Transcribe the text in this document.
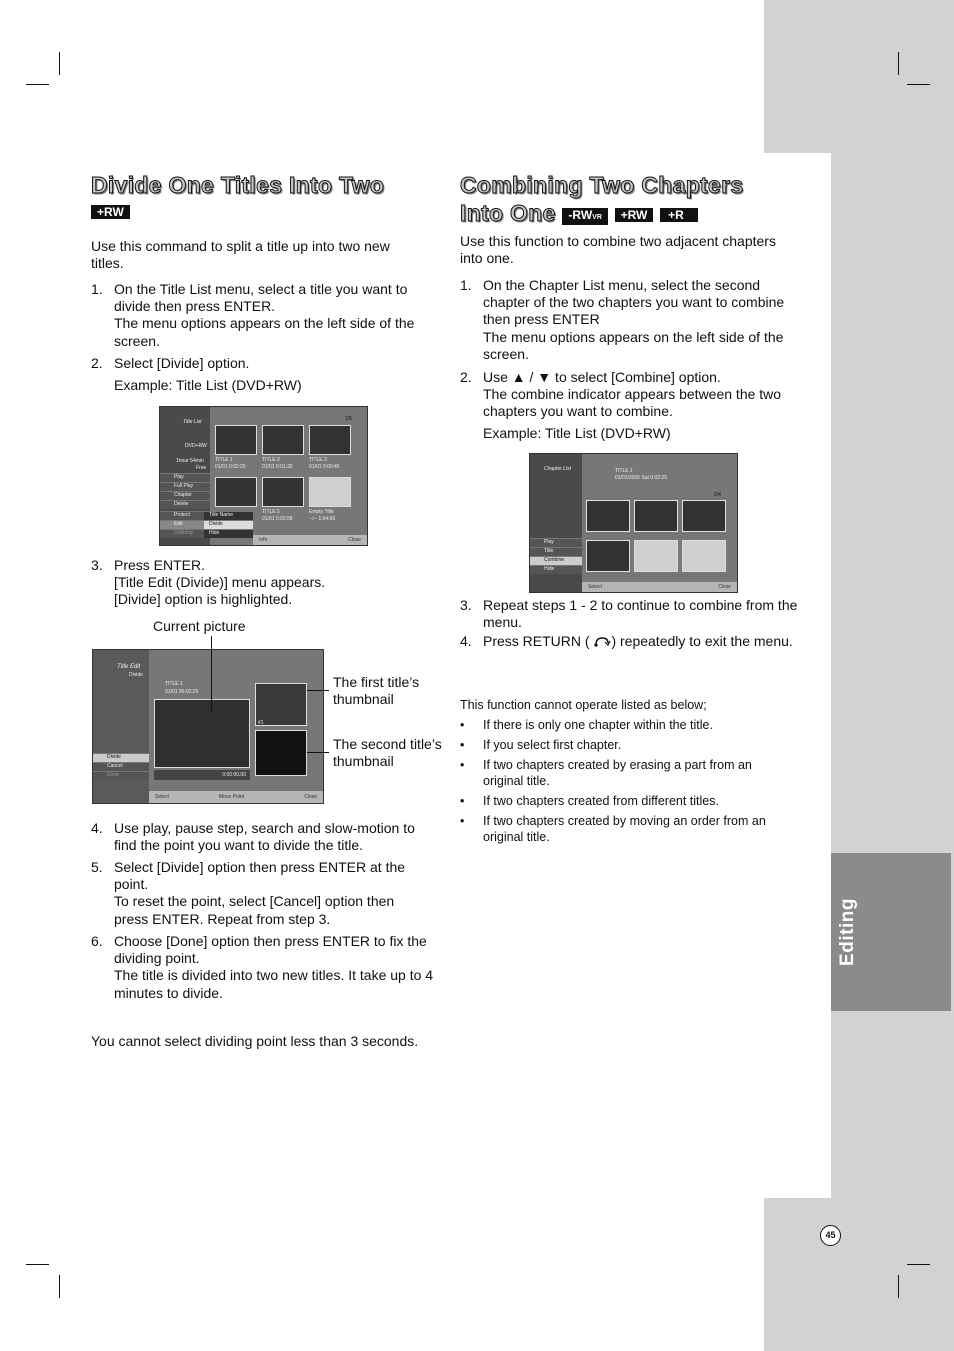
Editing
45
Divide One Titles Into Two
+RW
Use this command to split a title up into two new titles.
1. On the Title List menu, select a title you want to divide then press ENTER.
The menu options appears on the left side of the screen.
2. Select [Divide] option.
Example: Title List (DVD+RW)
Title List
DVD+RW
1hour 54min
Free
1/5
Play
Full Play
Chapter
Delete
Protect
Edit
Dubbing
Title Name
Divide
Hide
TITLE 1
01/01 0:02:25
TITLE 2
01/01 0:01:32
TITLE 3
01/01 0:00:45
TITLE 5
01/01 0:03:58
Empty Title
--/-- 1:54:00
Info	Close
3. Press ENTER.
[Title Edit (Divide)] menu appears.
[Divide] option is highlighted.
Current picture
Title Edit
Divide
TITLE 1
01/01 00:02:25
0:00:00.00
#1
Divide
Cancel
Done
Select	Move Point	Close
The first title’s thumbnail
The second title’s thumbnail
4. Use play, pause step, search and slow-motion to find the point you want to divide the title.
5. Select [Divide] option then press ENTER at the point.
To reset the point, select [Cancel] option then press ENTER. Repeat from step 3.
6. Choose [Done] option then press ENTER to fix the dividing point.
The title is divided into two new titles. It take up to 4 minutes to divide.
You cannot select dividing point less than 3 seconds.
Combining Two Chapters
Into One -RWVR +RW +R
Use this function to combine two adjacent chapters into one.
1. On the Chapter List menu, select the second chapter of the two chapters you want to combine then press ENTER
The menu options appears on the left side of the screen.
2. Use ▲ / ▼ to select [Combine] option.
The combine indicator appears between the two chapters you want to combine.
Example: Title List (DVD+RW)
Chapter List	TITLE 1
01/01/2005 Sat 0:02:25
2/4
Play
Title
Combine
Hide
Select	Close
3. Repeat steps 1 - 2 to continue to combine from the menu.
4. Press RETURN ( ) repeatedly to exit the menu.
This function cannot operate listed as below;
• If there is only one chapter within the title.
• If you select first chapter.
• If two chapters created by erasing a part from an original title.
• If two chapters created from different titles.
• If two chapters created by moving an order from an original title.
